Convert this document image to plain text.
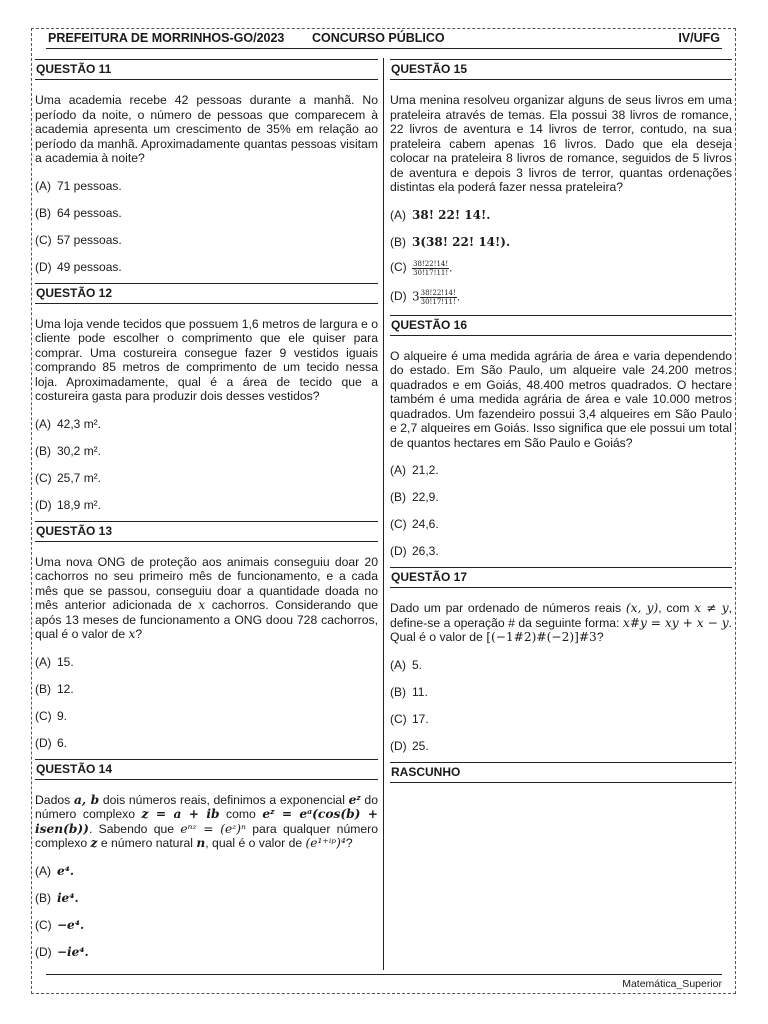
PREFEITURA DE MORRINHOS-GO/2023 CONCURSO PÚBLICO	IV/UFG
QUESTÃO 11

Uma academia recebe 42 pessoas durante a manhã. No período da noite, o número de pessoas que comparecem à academia apresenta um crescimento de 35% em relação ao período da manhã. Aproximadamente quantas pessoas visitam a academia à noite?

(A) 71 pessoas.
(B) 64 pessoas.
(C) 57 pessoas.
(D) 49 pessoas.
QUESTÃO 12

Uma loja vende tecidos que possuem 1,6 metros de largura e o cliente pode escolher o comprimento que ele quiser para comprar. Uma costureira consegue fazer 9 vestidos iguais comprando 85 metros de comprimento de um tecido nessa loja. Aproximadamente, qual é a área de tecido que a costureira gasta para produzir dois desses vestidos?

(A) 42,3 m².
(B) 30,2 m².
(C) 25,7 m².
(D) 18,9 m².
QUESTÃO 13

Uma nova ONG de proteção aos animais conseguiu doar 20 cachorros no seu primeiro mês de funcionamento, e a cada mês que se passou, conseguiu doar a quantidade doada no mês anterior adicionada de x cachorros. Considerando que após 13 meses de funcionamento a ONG doou 728 cachorros, qual é o valor de x?

(A) 15.
(B) 12.
(C) 9.
(D) 6.
QUESTÃO 14

Dados a, b dois números reais, definimos a exponencial eᶻ do número complexo z = a + ib como eᶻ = eᵃ(cos(b) + isen(b)). Sabendo que eⁿᶻ = (eᶻ)ⁿ para qualquer número complexo z e número natural n, qual é o valor de (e¹⁺ⁱᵖ)⁴?

(A) e⁴.
(B) ie⁴.
(C) −e⁴.
(D) −ie⁴.
QUESTÃO 15

Uma menina resolveu organizar alguns de seus livros em uma prateleira através de temas. Ela possui 38 livros de romance, 22 livros de aventura e 14 livros de terror, contudo, na sua prateleira cabem apenas 16 livros. Dado que ela deseja colocar na prateleira 8 livros de romance, seguidos de 5 livros de aventura e depois 3 livros de terror, quantas ordenações distintas ela poderá fazer nessa prateleira?

(A) 38! 22! 14!.
(B) 3(38! 22! 14!).
$(C) \frac{38!22!14!}{30!17!11!}$ .
(D) $3 \frac{38!22!14!}{30!17!11!}$ .
QUESTÃO 16

O alqueire é uma medida agrária de área e varia dependendo do estado. Em São Paulo, um alqueire vale 24.200 metros quadrados e em Goiás, 48.400 metros quadrados. O hectare também é uma medida agrária de área e vale 10.000 metros quadrados. Um fazendeiro possui 3,4 alqueires em São Paulo e 2,7 alqueires em Goiás. Isso significa que ele possui um total de quantos hectares em São Paulo e Goiás?

(A) 21,2.
(B) 22,9.
(C) 24,6.
(D) 26,3.
QUESTÃO 17

Dado um par ordenado de números reais (x, y), com x ≠ y, define-se a operação # da seguinte forma: x#y = xy + x − y. Qual é o valor de [(−1#2)#(−2)]#3?

(A) 5.
(B) 11.
(C) 17.
(D) 25.
RASCUNHO
Matemática_Superior
